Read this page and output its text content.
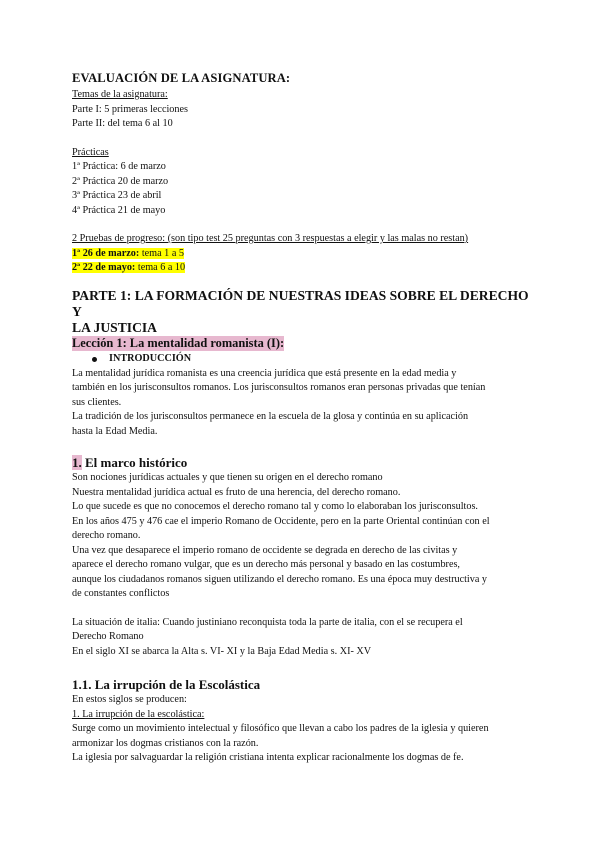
EVALUACIÓN DE LA ASIGNATURA:
Temas de la asignatura:
Parte I: 5 primeras lecciones
Parte II: del tema 6 al 10
Prácticas
1ª Práctica: 6 de marzo
2ª Práctica 20 de marzo
3ª Práctica 23 de abril
4ª Práctica 21 de mayo
2 Pruebas de progreso: (son tipo test 25 preguntas con 3 respuestas a elegir y las malas no restan)
1ª 26 de marzo: tema 1 a 5
2ª 22 de mayo: tema 6 a 10
PARTE 1: LA FORMACIÓN DE NUESTRAS IDEAS SOBRE EL DERECHO Y
LA JUSTICIA
Lección 1: La mentalidad romanista (I):
INTRODUCCIÓN
La mentalidad jurídica romanista es una creencia jurídica que está presente en la edad media y
también en los jurisconsultos romanos. Los jurisconsultos romanos eran personas privadas que tenían
sus clientes.
La tradición de los jurisconsultos permanece en la escuela de la glosa y continúa en su aplicación
hasta la Edad Media.
1. El marco histórico
Son nociones jurídicas actuales y que tienen su origen en el derecho romano
Nuestra mentalidad jurídica actual es fruto de una herencia, del derecho romano.
Lo que sucede es que no conocemos el derecho romano tal y como lo elaboraban los jurisconsultos.
En los años 475 y 476 cae el imperio Romano de Occidente, pero en la parte Oriental continúan con el
derecho romano.
Una vez que desaparece el imperio romano de occidente se degrada en derecho de las civitas y
aparece el derecho romano vulgar, que es un derecho más personal y basado en las costumbres,
aunque los ciudadanos romanos siguen utilizando el derecho romano. Es una época muy destructiva y
de constantes conflictos
La situación de italia: Cuando justiniano reconquista toda la parte de italia, con el se recupera el
Derecho Romano
En el siglo XI se abarca la Alta s. VI- XI y la Baja Edad Media s. XI- XV
1.1. La irrupción de la Escolástica
En estos siglos se producen:
1. La irrupción de la escolástica:
Surge como un movimiento intelectual y filosófico que llevan a cabo los padres de la iglesia y quieren
armonizar los dogmas cristianos con la razón.
La iglesia por salvaguardar la religión cristiana intenta explicar racionalmente los dogmas de fe.
